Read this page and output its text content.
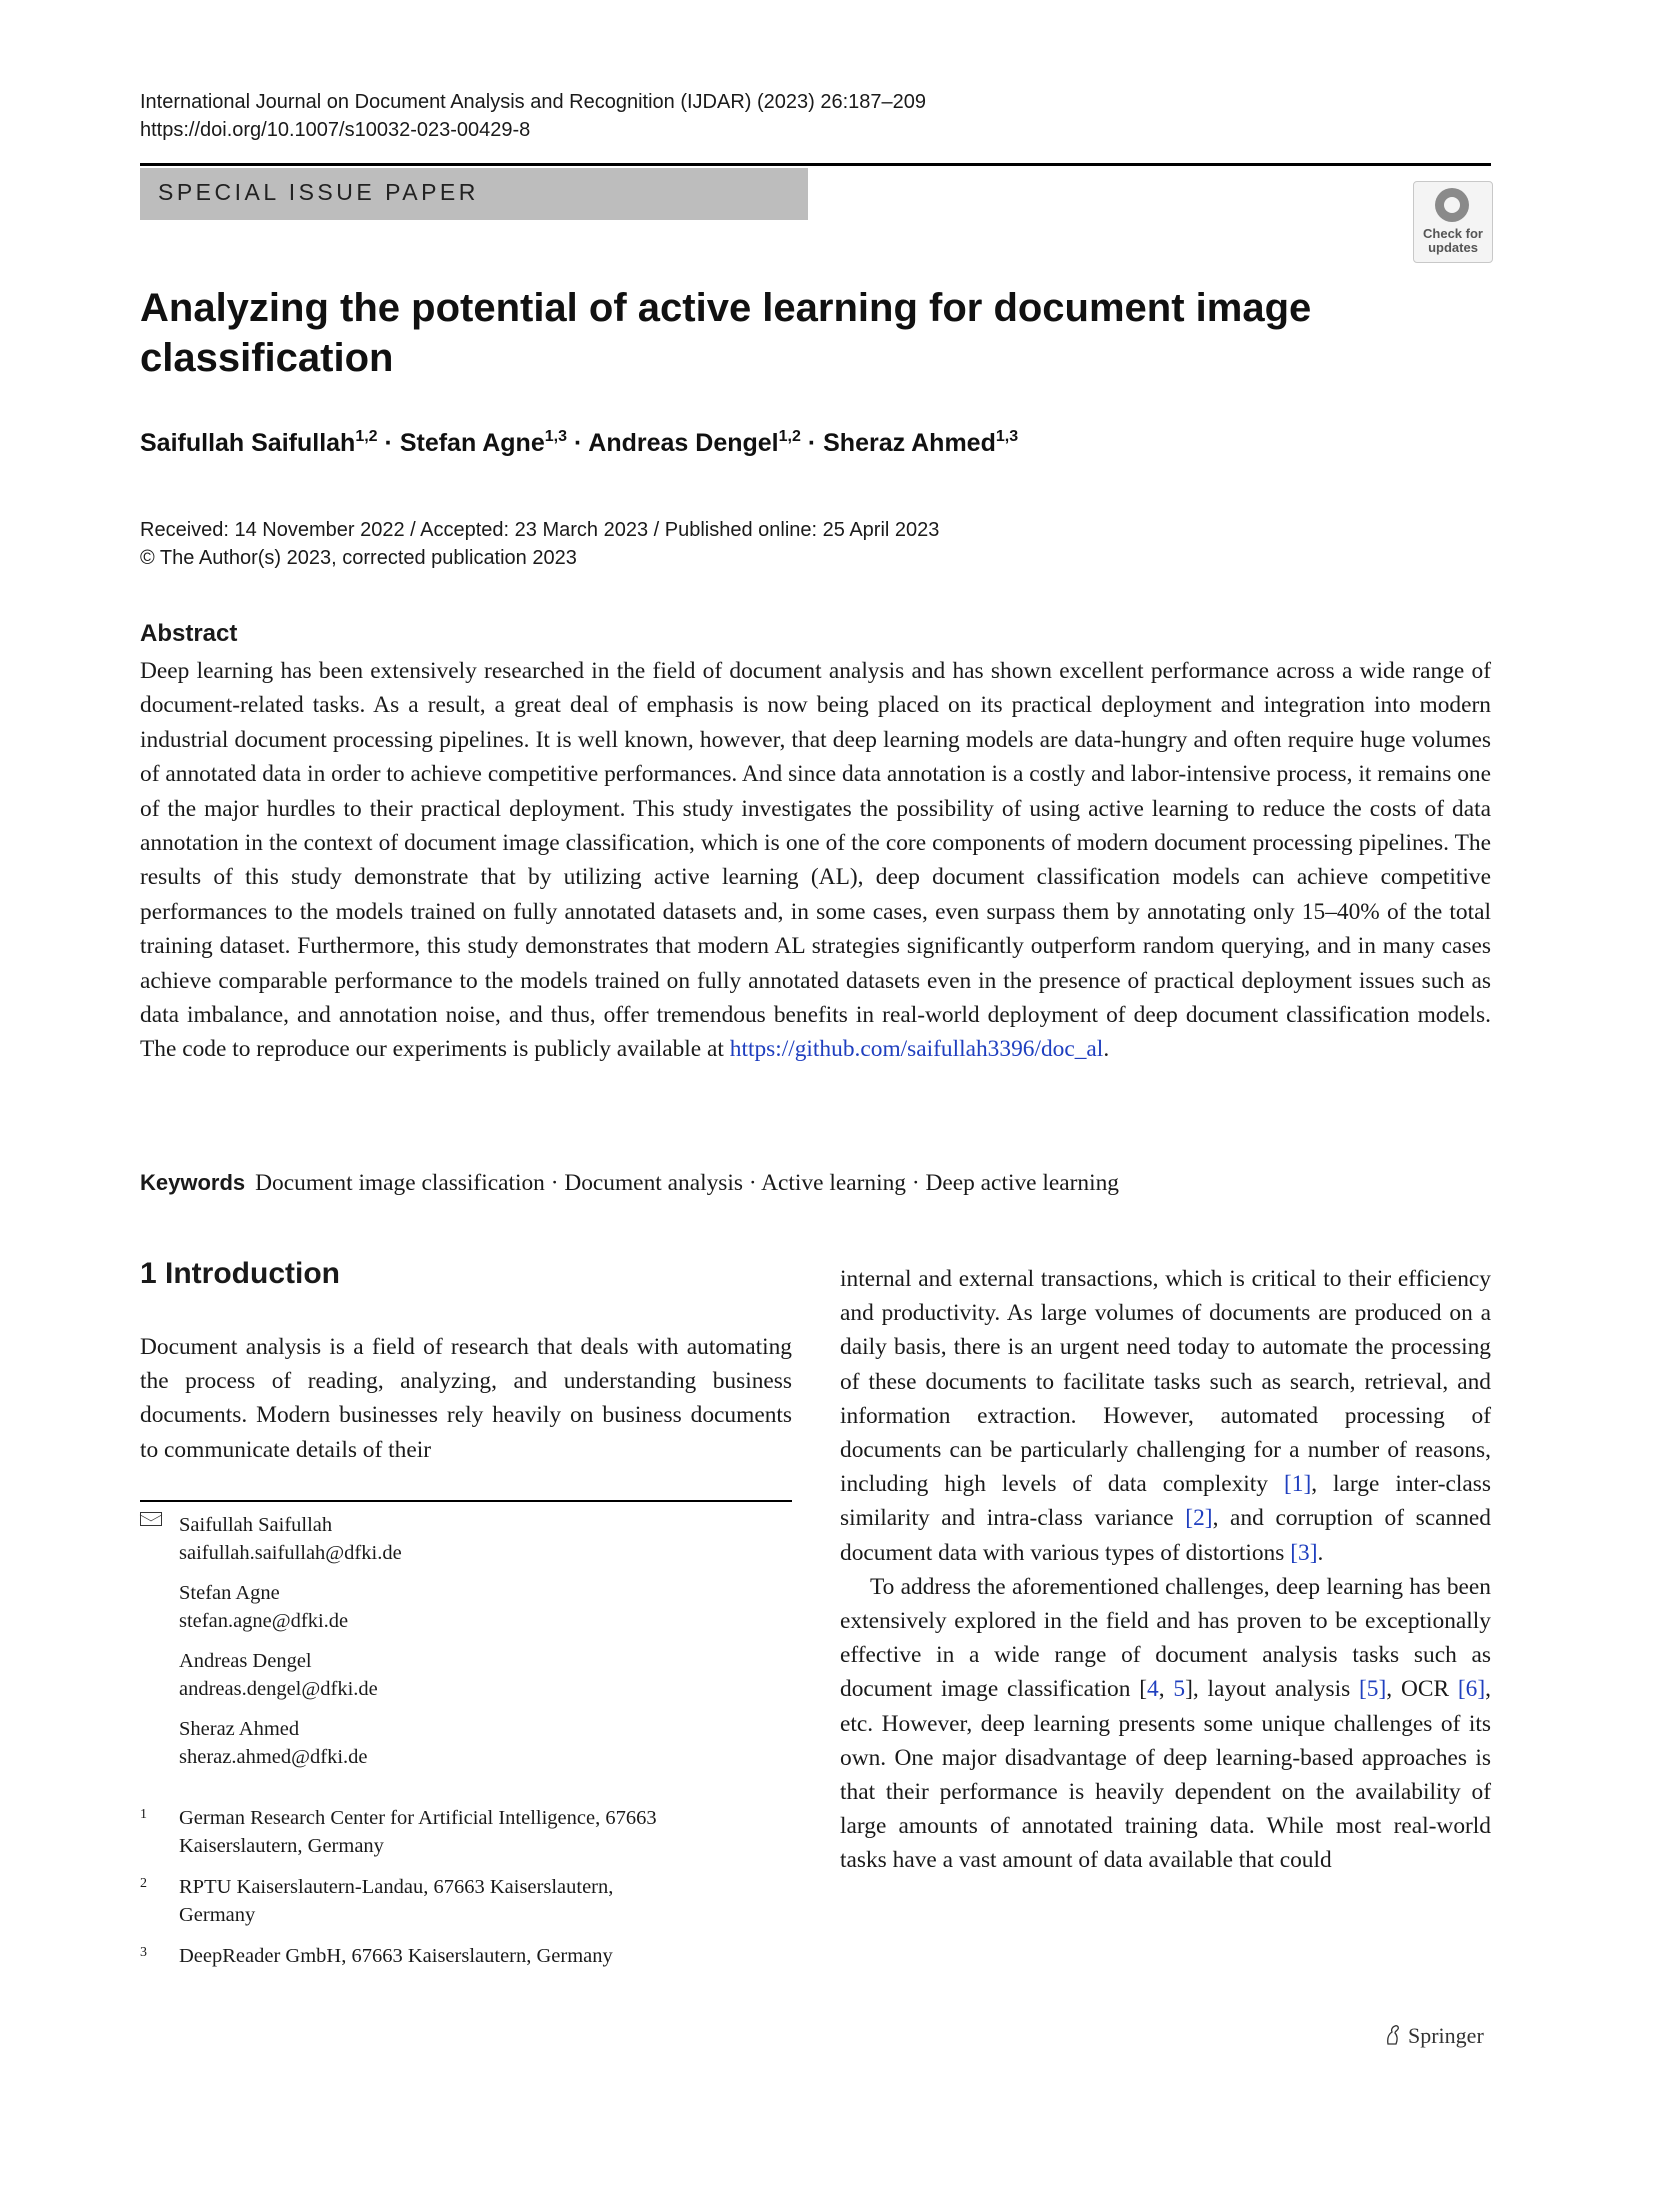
International Journal on Document Analysis and Recognition (IJDAR) (2023) 26:187–209
https://doi.org/10.1007/s10032-023-00429-8
SPECIAL ISSUE PAPER
Check for
updates
Analyzing the potential of active learning for document image classification
Saifullah Saifullah$^{1,2}$ · Stefan Agne$^{1,3}$ · Andreas Dengel$^{1,2}$ · Sheraz Ahmed$^{1,3}$
Received: 14 November 2022 / Accepted: 23 March 2023 / Published online: 25 April 2023
© The Author(s) 2023, corrected publication 2023
Abstract
Deep learning has been extensively researched in the field of document analysis and has shown excellent performance across a wide range of document-related tasks. As a result, a great deal of emphasis is now being placed on its practical deployment and integration into modern industrial document processing pipelines. It is well known, however, that deep learning models are data-hungry and often require huge volumes of annotated data in order to achieve competitive performances. And since data annotation is a costly and labor-intensive process, it remains one of the major hurdles to their practical deployment. This study investigates the possibility of using active learning to reduce the costs of data annotation in the context of document image classification, which is one of the core components of modern document processing pipelines. The results of this study demonstrate that by utilizing active learning (AL), deep document classification models can achieve competitive performances to the models trained on fully annotated datasets and, in some cases, even surpass them by annotating only 15–40% of the total training dataset. Furthermore, this study demonstrates that modern AL strategies significantly outperform random querying, and in many cases achieve comparable performance to the models trained on fully annotated datasets even in the presence of practical deployment issues such as data imbalance, and annotation noise, and thus, offer tremendous benefits in real-world deployment of deep document classification models. The code to reproduce our experiments is publicly available at https://github.com/saifullah3396/doc_al.
Keywords Document image classification · Document analysis · Active learning · Deep active learning
1 Introduction

Document analysis is a field of research that deals with automating the process of reading, analyzing, and understanding business documents. Modern businesses rely heavily on business documents to communicate details of their

internal and external transactions, which is critical to their efficiency and productivity. As large volumes of documents are produced on a daily basis, there is an urgent need today to automate the processing of these documents to facilitate tasks such as search, retrieval, and information extraction. However, automated processing of documents can be particularly challenging for a number of reasons, including high levels of data complexity [1], large inter-class similarity and intra-class variance [2], and corruption of scanned document data with various types of distortions [3].

To address the aforementioned challenges, deep learning has been extensively explored in the field and has proven to be exceptionally effective in a wide range of document analysis tasks such as document image classification [4, 5], layout analysis [5], OCR [6], etc. However, deep learning presents some unique challenges of its own. One major disadvantage of deep learning-based approaches is that their performance is heavily dependent on the availability of large amounts of annotated training data. While most real-world tasks have a vast amount of data available that could

Saifullah Saifullah
saifullah.saifullah@dfki.de
Stefan Agne
stefan.agne@dfki.de
Andreas Dengel
andreas.dengel@dfki.de
Sheraz Ahmed
sheraz.ahmed@dfki.de
1 German Research Center for Artificial Intelligence, 67663
Kaiserslautern, Germany
2 RPTU Kaiserslautern-Landau, 67663 Kaiserslautern,
Germany
3 DeepReader GmbH, 67663 Kaiserslautern, Germany
Springer
